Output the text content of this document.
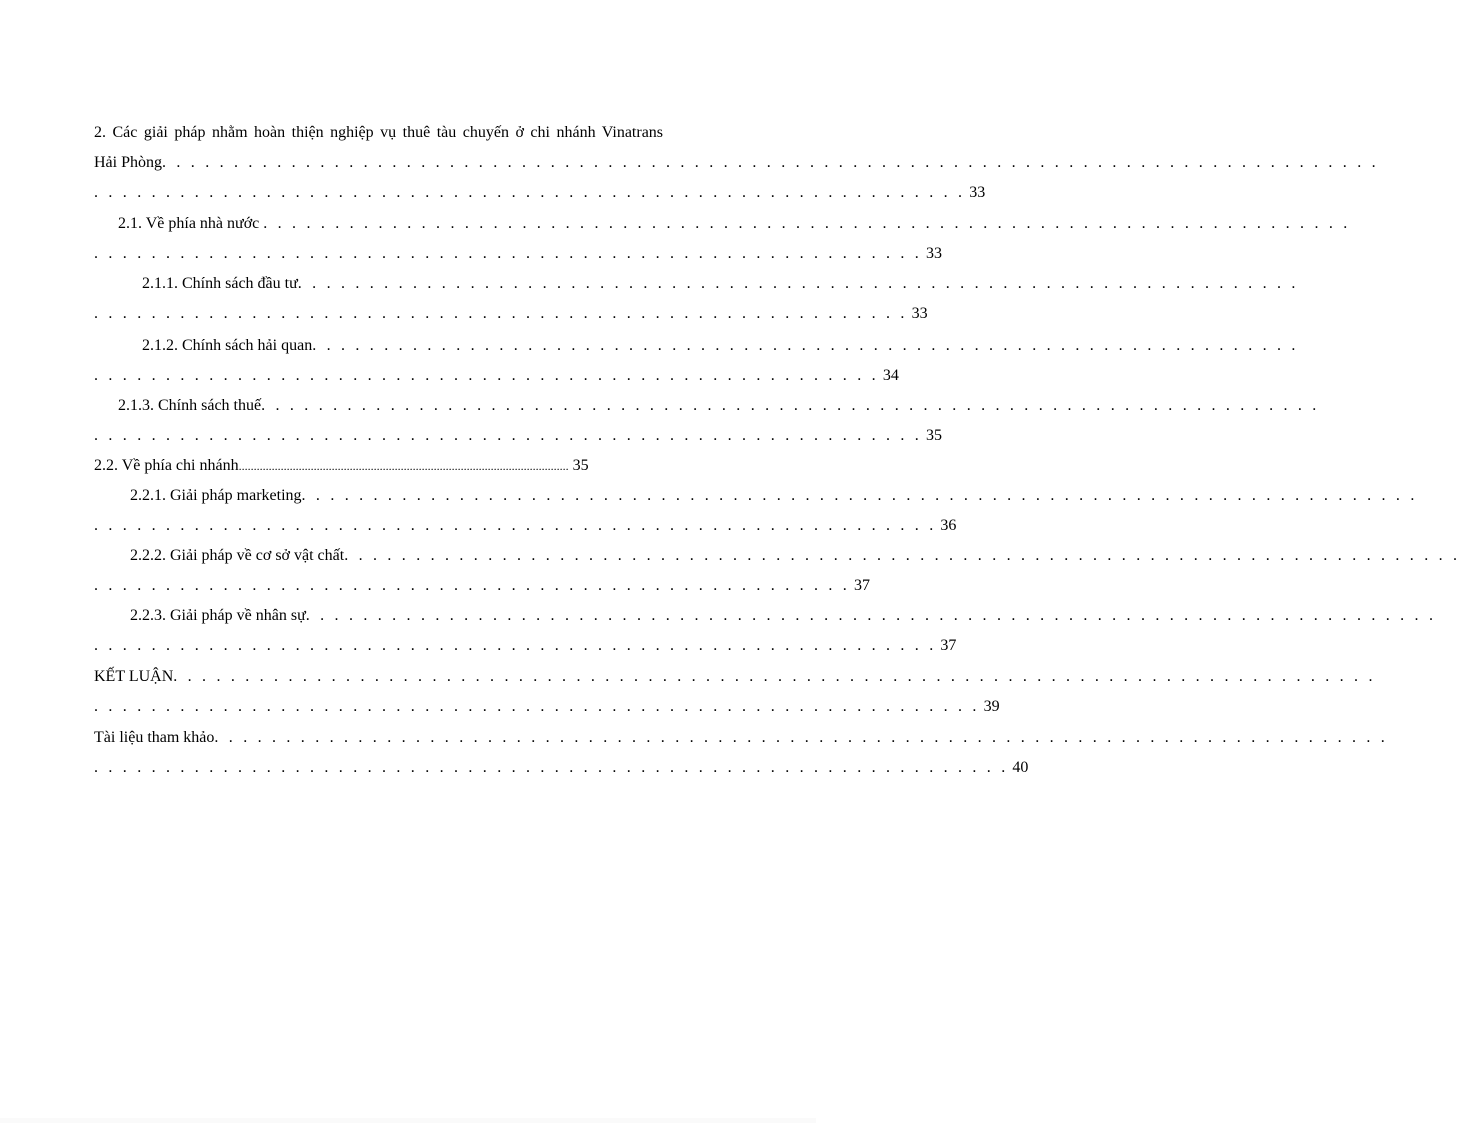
2. Các giải pháp nhằm hoàn thiện nghiệp vụ thuê tàu chuyến ở chi nhánh Vinatrans
Hải Phòng. . . . . . . . . . . . . . . . . . . . . . . . . . . . . . . . . . . . . . . . . . . . . . . . . . . . . . . . . . . . . . . . . . . . . . . . . . . . . . . . . . . . .
. . . . . . . . . . . . . . . . . . . . . . . . . . . . . . . . . . . . . . . . . . . . . . . . . . . . . . . . . . . . . 33
2.1. Về phía nhà nước . . . . . . . . . . . . . . . . . . . . . . . . . . . . . . . . . . . . . . . . . . . . . . . . . . . . . . . . . . . . . . . . . . . . . . . . . . . .
. . . . . . . . . . . . . . . . . . . . . . . . . . . . . . . . . . . . . . . . . . . . . . . . . . . . . . . . . . 33
2.1.1. Chính sách đầu tư. . . . . . . . . . . . . . . . . . . . . . . . . . . . . . . . . . . . . . . . . . . . . . . . . . . . . . . . . . . . . . . . . . . . . .
. . . . . . . . . . . . . . . . . . . . . . . . . . . . . . . . . . . . . . . . . . . . . . . . . . . . . . . . . 33
2.1.2. Chính sách hải quan. . . . . . . . . . . . . . . . . . . . . . . . . . . . . . . . . . . . . . . . . . . . . . . . . . . . . . . . . . . . . . . . . . . . .
. . . . . . . . . . . . . . . . . . . . . . . . . . . . . . . . . . . . . . . . . . . . . . . . . . . . . . . 34
2.1.3. Chính sách thuế. . . . . . . . . . . . . . . . . . . . . . . . . . . . . . . . . . . . . . . . . . . . . . . . . . . . . . . . . . . . . . . . . . . . . . . . . .
. . . . . . . . . . . . . . . . . . . . . . . . . . . . . . . . . . . . . . . . . . . . . . . . . . . . . . . . . . 35
2.2. Về phía chi nhánh.............................................................................................................. 35
2.2.1. Giải pháp marketing. . . . . . . . . . . . . . . . . . . . . . . . . . . . . . . . . . . . . . . . . . . . . . . . . . . . . . . . . . . . . . . . . . . . . . . . . . . . . .
. . . . . . . . . . . . . . . . . . . . . . . . . . . . . . . . . . . . . . . . . . . . . . . . . . . . . . . . . . . 36
2.2.2. Giải pháp về cơ sở vật chất. . . . . . . . . . . . . . . . . . . . . . . . . . . . . . . . . . . . . . . . . . . . . . . . . . . . . . . . . . . . . . . . . . . . . . . . . . . . . .
. . . . . . . . . . . . . . . . . . . . . . . . . . . . . . . . . . . . . . . . . . . . . . . . . . . . . 37
2.2.3. Giải pháp về nhân sự. . . . . . . . . . . . . . . . . . . . . . . . . . . . . . . . . . . . . . . . . . . . . . . . . . . . . . . . . . . . . . . . . . . . . . . . . . . . . . .
. . . . . . . . . . . . . . . . . . . . . . . . . . . . . . . . . . . . . . . . . . . . . . . . . . . . . . . . . . . 37
KẾT LUẬN. . . . . . . . . . . . . . . . . . . . . . . . . . . . . . . . . . . . . . . . . . . . . . . . . . . . . . . . . . . . . . . . . . . . . . . . . . . . . . . . . . . .
. . . . . . . . . . . . . . . . . . . . . . . . . . . . . . . . . . . . . . . . . . . . . . . . . . . . . . . . . . . . . . 39
Tài liệu tham khảo. . . . . . . . . . . . . . . . . . . . . . . . . . . . . . . . . . . . . . . . . . . . . . . . . . . . . . . . . . . . . . . . . . . . . . . . . . . . . . . . . .
. . . . . . . . . . . . . . . . . . . . . . . . . . . . . . . . . . . . . . . . . . . . . . . . . . . . . . . . . . . . . . . . 40
